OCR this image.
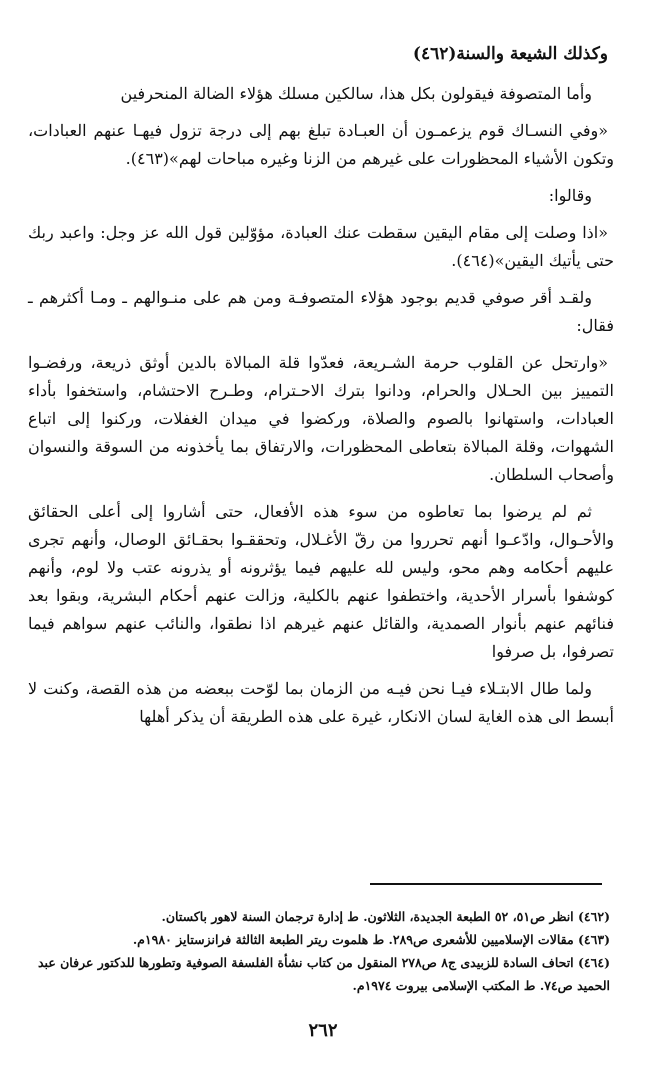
وكذلك الشيعة والسنة(٤٦٢)

وأما المتصوفة فيقولون بكل هذا، سالكين مسلك هؤلاء الضالة المنحرفين

«وفي النسـاك قوم يزعمـون أن العبـادة تبلغ بهم إلى درجة تزول فيهـا عنهم العبادات، وتكون الأشياء المحظورات على غيرهم من الزنا وغيره مباحات لهم»(٤٦٣).

وقالوا:

«اذا وصلت إلى مقام اليقين سقطت عنك العبادة، مؤوّلين قول الله عز وجل: واعبد ربك حتى يأتيك اليقين»(٤٦٤).

ولقـد أقر صوفي قديم بوجود هؤلاء المتصوفـة ومن هم على منـوالهم ـ ومـا أكثرهم ـ فقال:

«وارتحل عن القلوب حرمة الشـريعة، فعدّوا قلة المبالاة بالدين أوثق ذريعة، ورفضـوا التمييز بين الحـلال والحرام، ودانوا بترك الاحـترام، وطـرح الاحتشام، واستخفوا بأداء العبادات، واستهانوا بالصوم والصلاة، وركضوا في ميدان الغفلات، وركنوا إلى اتباع الشهوات، وقلة المبالاة بتعاطى المحظورات، والارتفاق بما يأخذونه من السوقة والنسوان وأصحاب السلطان.

ثم لم يرضوا بما تعاطوه من سوء هذه الأفعال، حتى أشاروا إلى أعلى الحقائق والأحـوال، وادّعـوا أنهم تحرروا من رقّ الأغـلال، وتحققـوا بحقـائق الوصال، وأنهم تجرى عليهم أحكامه وهم محو، وليس لله عليهم فيما يؤثرونه أو يذرونه عتب ولا لوم، وأنهم كوشفوا بأسرار الأحدية، واختطفوا عنهم بالكلية، وزالت عنهم أحكام البشرية، وبقوا بعد فنائهم عنهم بأنوار الصمدية، والقائل عنهم غيرهم اذا نطقوا، والنائب عنهم سواهم فيما تصرفوا، بل صرفوا

ولما طال الابتـلاء فيـا نحن فيـه من الزمان بما لوّحت ببعضه من هذه القصة، وكنت لا أبسط الى هذه الغاية لسان الانكار، غيرة على هذه الطريقة أن يذكر أهلها

(٤٦٢) انظر ص٥١، ٥٢ الطبعة الجديدة، الثلاثون. ط إدارة ترجمان السنة لاهور باكستان.

(٤٦٣) مقالات الإسلاميين للأشعرى ص٢٨٩. ط هلموت ريتر الطبعة الثالثة فرانزستايز ١٩٨٠م.

(٤٦٤) اتحاف السادة للزبيدى ج٨ ص٢٧٨ المنقول من كتاب نشأة الفلسفة الصوفية وتطورها للدكتور عرفان عبد الحميد ص٧٤. ط المكتب الإسلامى بيروت ١٩٧٤م.

٢٦٢
